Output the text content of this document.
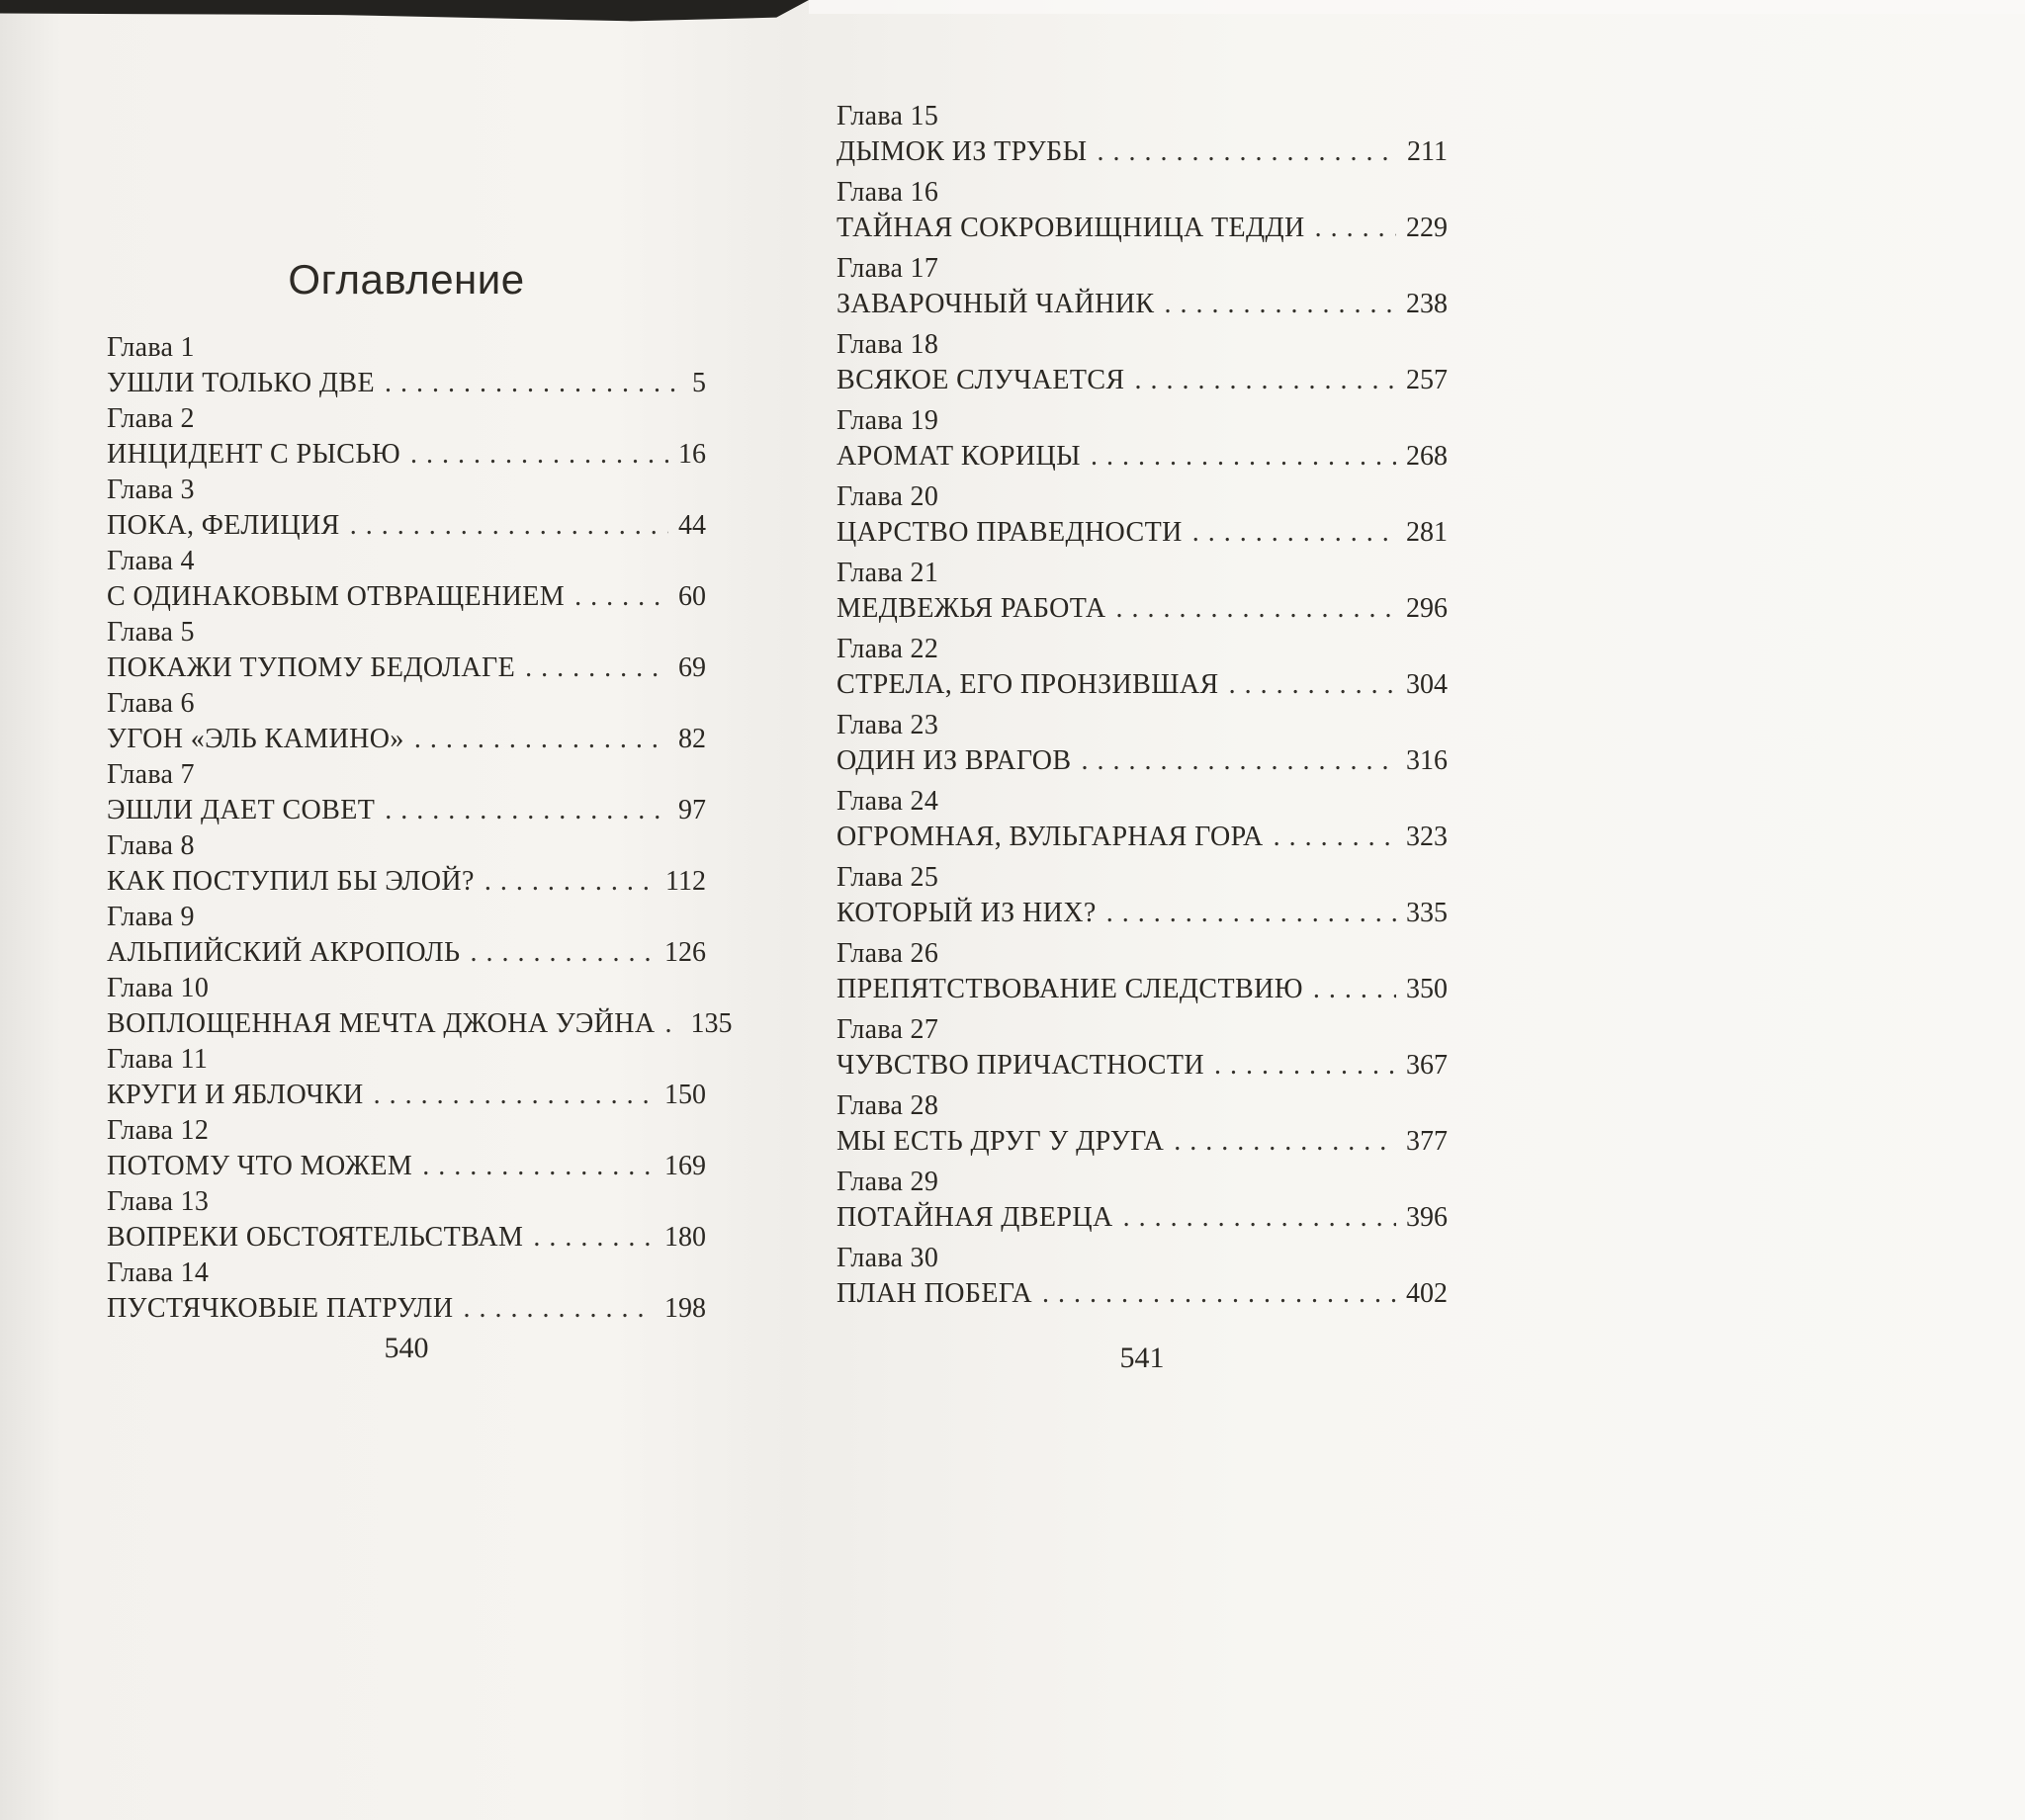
Оглавление
Глава 1
УШЛИ ТОЛЬКО ДВЕ .....	5
Глава 2
ИНЦИДЕНТ С РЫСЬЮ .....	16
Глава 3
ПОКА, ФЕЛИЦИЯ .....	44
Глава 4
С ОДИНАКОВЫМ ОТВРАЩЕНИЕМ .....	60
Глава 5
ПОКАЖИ ТУПОМУ БЕДОЛАГЕ .....	69
Глава 6
УГОН «ЭЛЬ КАМИНО» .....	82
Глава 7
ЭШЛИ ДАЕТ СОВЕТ .....	97
Глава 8
КАК ПОСТУПИЛ БЫ ЭЛОЙ? .....	112
Глава 9
АЛЬПИЙСКИЙ АКРОПОЛЬ .....	126
Глава 10
ВОПЛОЩЕННАЯ МЕЧТА ДЖОНА УЭЙНА ..... 135
Глава 11
КРУГИ И ЯБЛОЧКИ .....	150
Глава 12
ПОТОМУ ЧТО МОЖЕМ .....	169
Глава 13
ВОПРЕКИ ОБСТОЯТЕЛЬСТВАМ .....	180
Глава 14
ПУСТЯЧКОВЫЕ ПАТРУЛИ .....	198
540
Глава 15
ДЫМОК ИЗ ТРУБЫ .....	211
Глава 16
ТАЙНАЯ СОКРОВИЩНИЦА ТЕДДИ .....	229
Глава 17
ЗАВАРОЧНЫЙ ЧАЙНИК .....	238
Глава 18
ВСЯКОЕ СЛУЧАЕТСЯ .....	257
Глава 19
АРОМАТ КОРИЦЫ .....	268
Глава 20
ЦАРСТВО ПРАВЕДНОСТИ .....	281
Глава 21
МЕДВЕЖЬЯ РАБОТА .....	296
Глава 22
СТРЕЛА, ЕГО ПРОНЗИВШАЯ .....	304
Глава 23
ОДИН ИЗ ВРАГОВ .....	316
Глава 24
ОГРОМНАЯ, ВУЛЬГАРНАЯ ГОРА .....	323
Глава 25
КОТОРЫЙ ИЗ НИХ? .....	335
Глава 26
ПРЕПЯТСТВОВАНИЕ СЛЕДСТВИЮ .....	350
Глава 27
ЧУВСТВО ПРИЧАСТНОСТИ .....	367
Глава 28
МЫ ЕСТЬ ДРУГ У ДРУГА .....	377
Глава 29
ПОТАЙНАЯ ДВЕРЦА .....	396
Глава 30
ПЛАН ПОБЕГА .....	402
541
